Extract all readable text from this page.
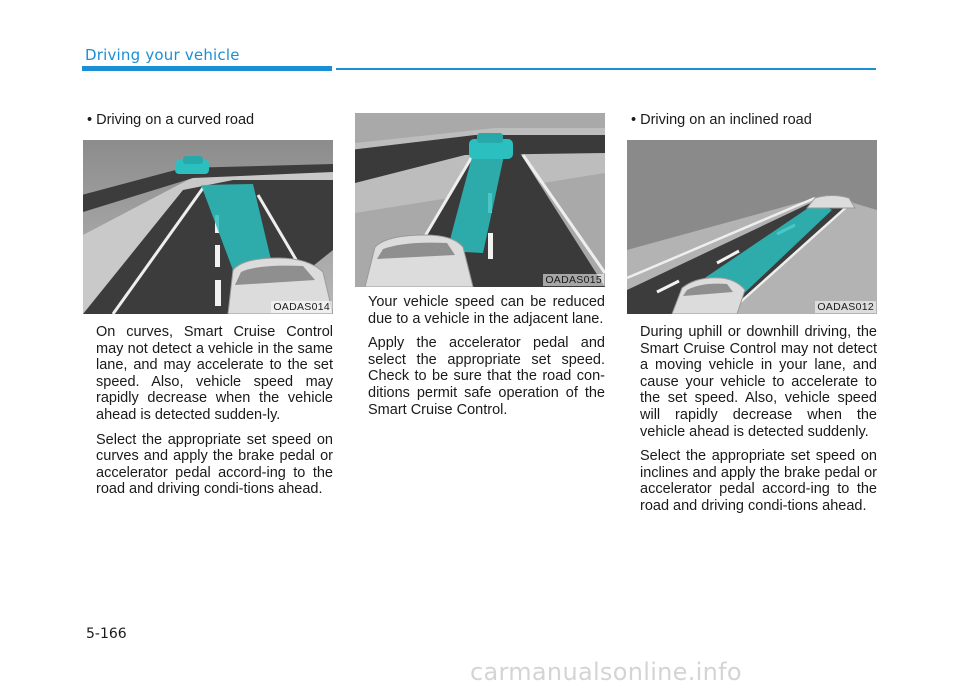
Driving your vehicle

• Driving on a curved road

OADAS014

On curves, Smart Cruise Control may not detect a vehicle in the same lane, and may accelerate to the set speed. Also, vehicle speed may rapidly decrease when the vehicle ahead is detected sudden-ly.

Select the appropriate set speed on curves and apply the brake pedal or accelerator pedal accord-ing to the road and driving condi-tions ahead.

OADAS015

Your vehicle speed can be reduced due to a vehicle in the adjacent lane.

Apply the accelerator pedal and select the appropriate set speed. Check to be sure that the road con-ditions permit safe operation of the Smart Cruise Control.

• Driving on an inclined road

OADAS012

During uphill or downhill driving, the Smart Cruise Control may not detect a moving vehicle in your lane, and cause your vehicle to accelerate to the set speed. Also, vehicle speed will rapidly decrease when the vehicle ahead is detected suddenly.

Select the appropriate set speed on inclines and apply the brake pedal or accelerator pedal accord-ing to the road and driving condi-tions ahead.

5-166
carmanualsonline.info
